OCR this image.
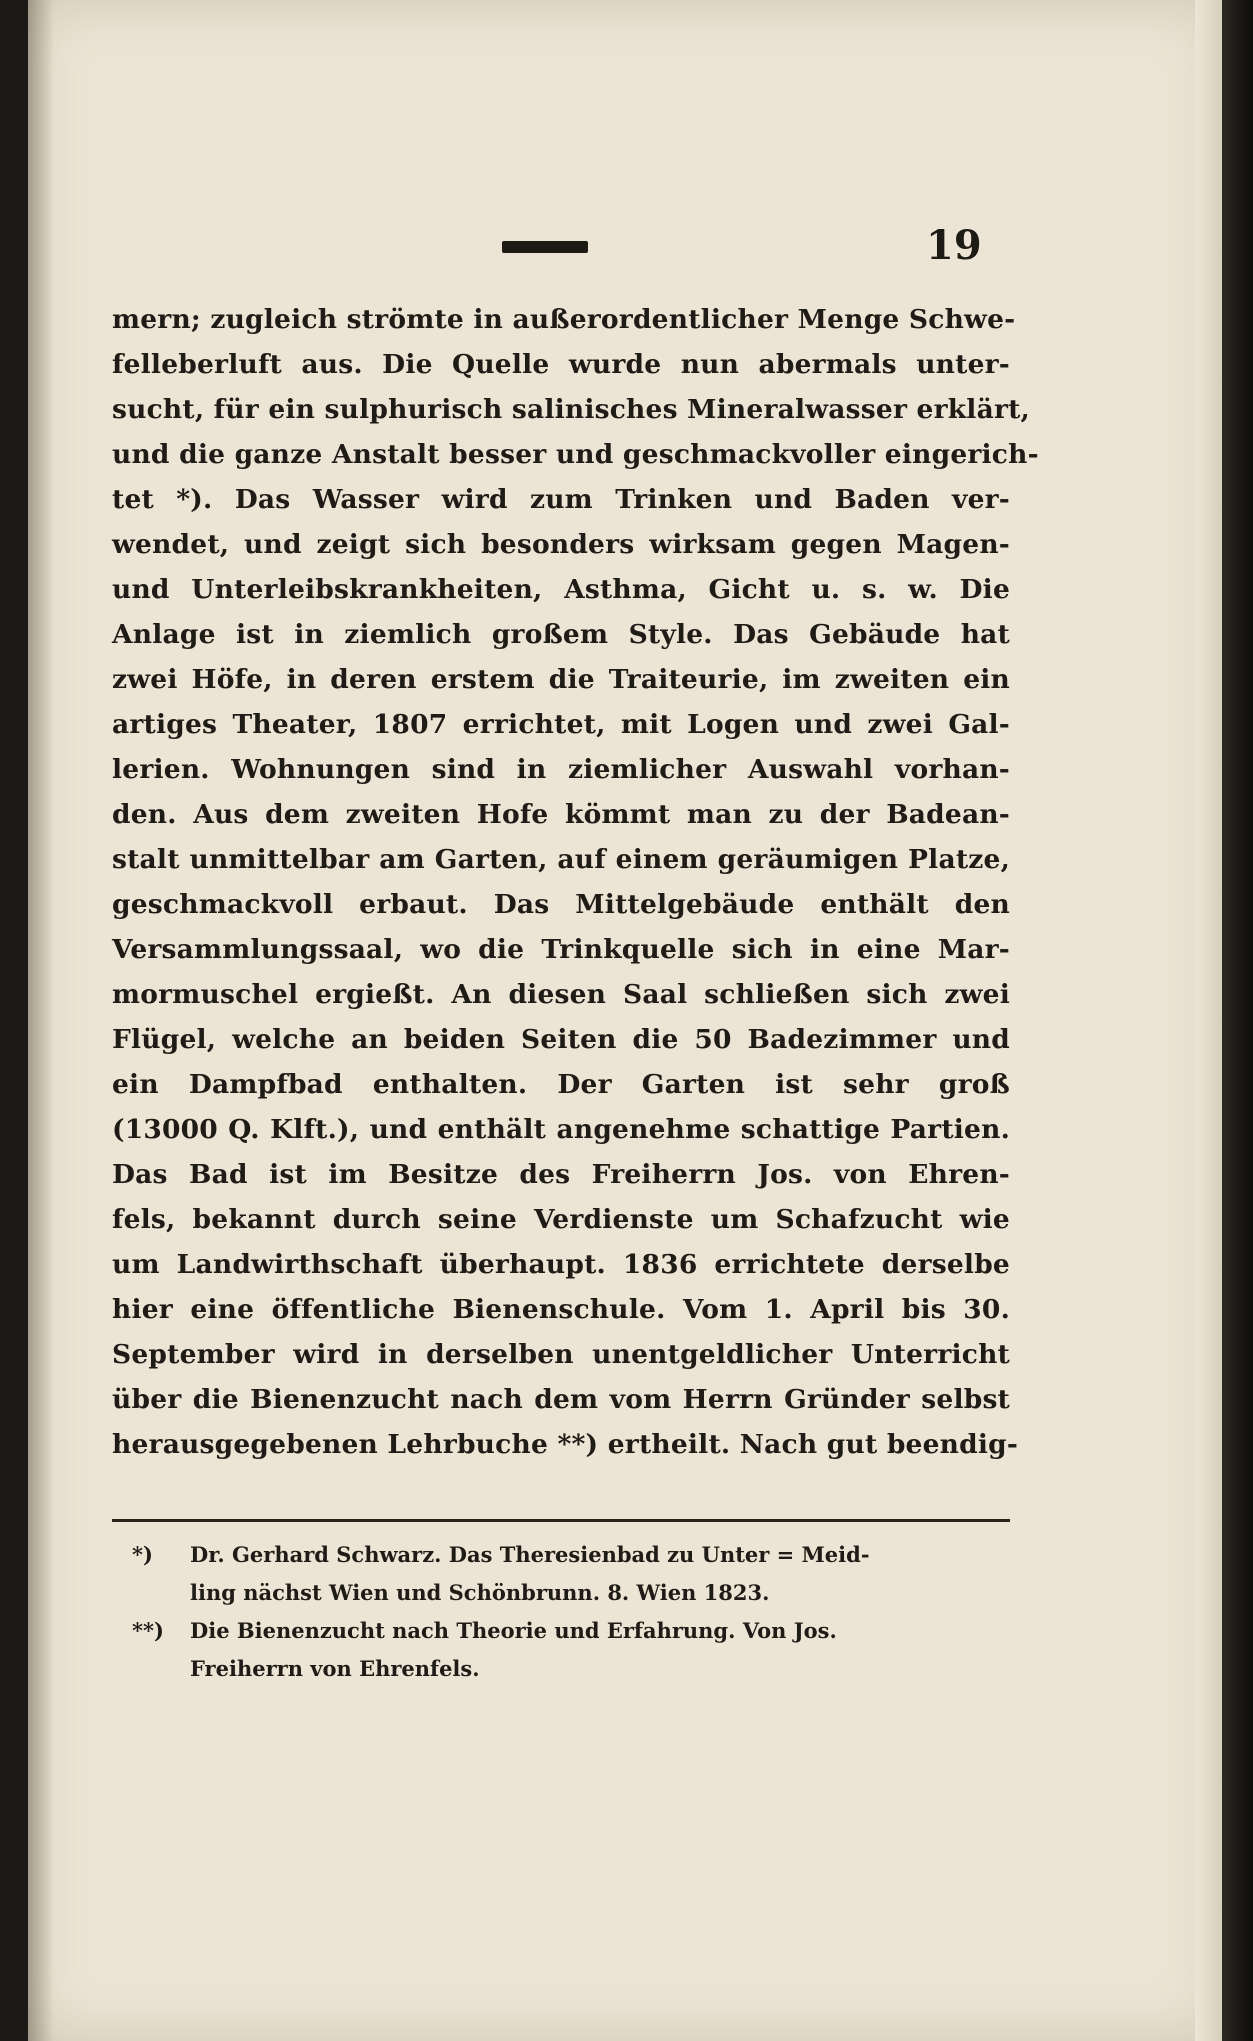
19
mern; zugleich strömte in außerordentlicher Menge Schwe-
felleberluft aus. Die Quelle wurde nun abermals unter-
sucht, für ein sulphurisch salinisches Mineralwasser erklärt,
und die ganze Anstalt besser und geschmackvoller eingerich-
tet *). Das Wasser wird zum Trinken und Baden ver-
wendet, und zeigt sich besonders wirksam gegen Magen-
und Unterleibskrankheiten, Asthma, Gicht u. s. w. Die
Anlage ist in ziemlich großem Style. Das Gebäude hat
zwei Höfe, in deren erstem die Traiteurie, im zweiten ein
artiges Theater, 1807 errichtet, mit Logen und zwei Gal-
lerien. Wohnungen sind in ziemlicher Auswahl vorhan-
den. Aus dem zweiten Hofe kömmt man zu der Badean-
stalt unmittelbar am Garten, auf einem geräumigen Platze,
geschmackvoll erbaut. Das Mittelgebäude enthält den
Versammlungssaal, wo die Trinkquelle sich in eine Mar-
mormuschel ergießt. An diesen Saal schließen sich zwei
Flügel, welche an beiden Seiten die 50 Badezimmer und
ein Dampfbad enthalten. Der Garten ist sehr groß
(13000 Q. Klft.), und enthält angenehme schattige Partien.
Das Bad ist im Besitze des Freiherrn Jos. von Ehren-
fels, bekannt durch seine Verdienste um Schafzucht wie
um Landwirthschaft überhaupt. 1836 errichtete derselbe
hier eine öffentliche Bienenschule. Vom 1. April bis 30.
September wird in derselben unentgeldlicher Unterricht
über die Bienenzucht nach dem vom Herrn Gründer selbst
herausgegebenen Lehrbuche **) ertheilt. Nach gut beendig-
*) Dr. Gerhard Schwarz. Das Theresienbad zu Unter = Meid-
ling nächst Wien und Schönbrunn. 8. Wien 1823.
**) Die Bienenzucht nach Theorie und Erfahrung. Von Jos.
Freiherrn von Ehrenfels.
